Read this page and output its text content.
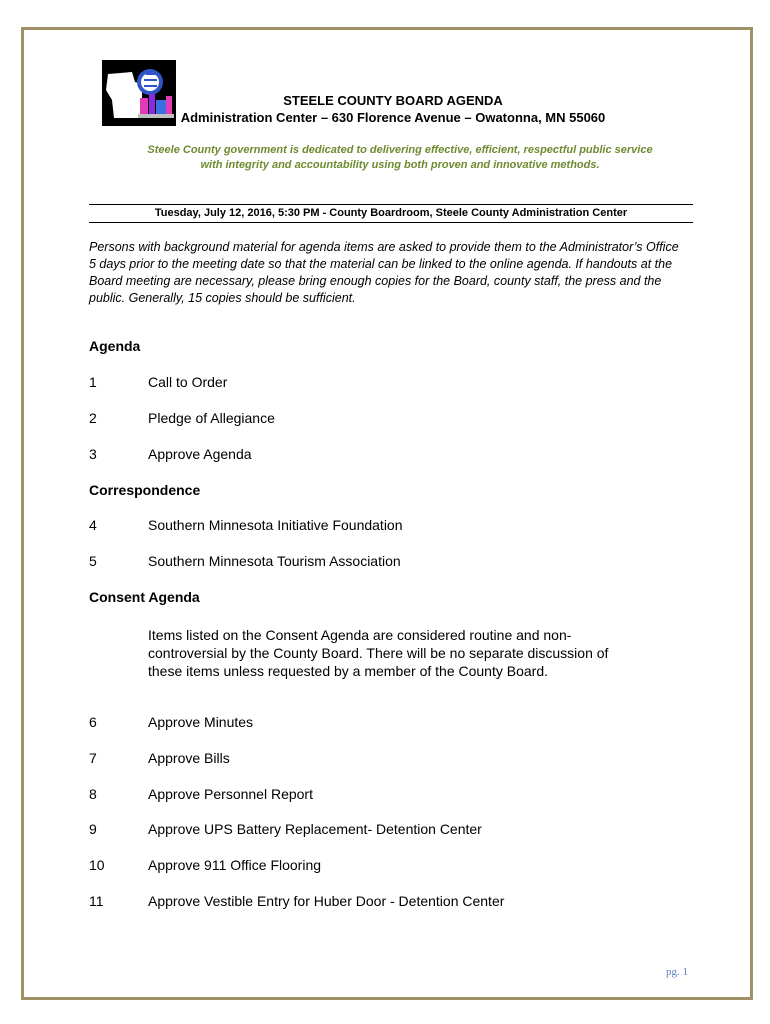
STEELE COUNTY BOARD AGENDA
Administration Center – 630 Florence Avenue – Owatonna, MN 55060
Steele County government is dedicated to delivering effective, efficient, respectful public service
with integrity and accountability using both proven and innovative methods.
Tuesday, July 12, 2016, 5:30 PM - County Boardroom, Steele County Administration Center
Persons with background material for agenda items are asked to provide them to the Administrator’s Office 5 days prior to the meeting date so that the material can be linked to the online agenda. If handouts at the Board meeting are necessary, please bring enough copies for the Board, county staff, the press and the public. Generally, 15 copies should be sufficient.
Agenda
1	Call to Order
2	Pledge of Allegiance
3	Approve Agenda
Correspondence
4	Southern Minnesota Initiative Foundation
5	Southern Minnesota Tourism Association
Consent Agenda
Items listed on the Consent Agenda are considered routine and non-controversial by the County Board. There will be no separate discussion of these items unless requested by a member of the County Board.
6	Approve Minutes
7	Approve Bills
8	Approve Personnel Report
9	Approve UPS Battery Replacement- Detention Center
10	Approve 911 Office Flooring
11	Approve Vestible Entry for Huber Door - Detention Center
pg. 1
